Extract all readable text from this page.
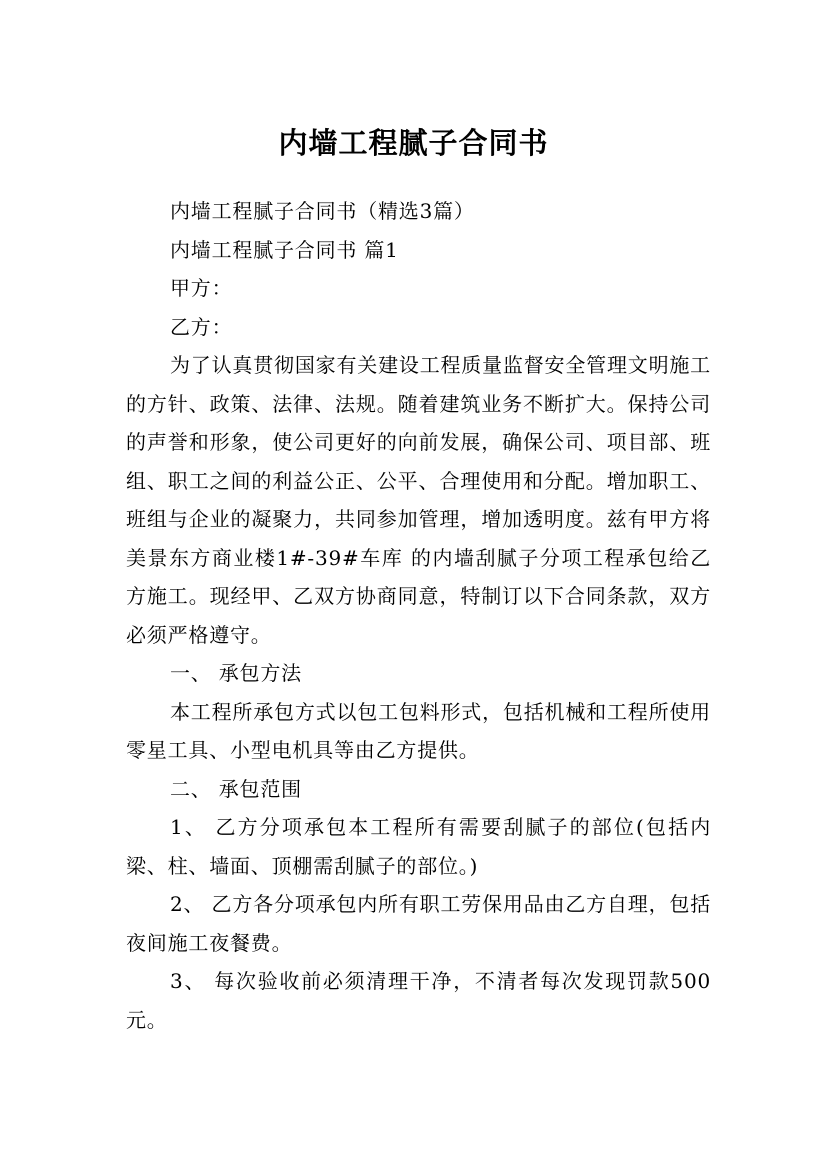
内墙工程腻子合同书

内墙工程腻子合同书（精选3篇）

内墙工程腻子合同书 篇1

甲方：

乙方：

为了认真贯彻国家有关建设工程质量监督安全管理文明施工的方针、政策、法律、法规。随着建筑业务不断扩大。保持公司的声誉和形象，使公司更好的向前发展，确保公司、项目部、班组、职工之间的利益公正、公平、合理使用和分配。增加职工、班组与企业的凝聚力，共同参加管理，增加透明度。兹有甲方将 美景东方商业楼1#-39#车库 的内墙刮腻子分项工程承包给乙方施工。现经甲、乙双方协商同意，特制订以下合同条款，双方必须严格遵守。

一、 承包方法

本工程所承包方式以包工包料形式，包括机械和工程所使用零星工具、小型电机具等由乙方提供。

二、 承包范围

1、 乙方分项承包本工程所有需要刮腻子的部位(包括内梁、柱、墙面、顶棚需刮腻子的部位。)

2、 乙方各分项承包内所有职工劳保用品由乙方自理，包括夜间施工夜餐费。

3、 每次验收前必须清理干净，不清者每次发现罚款500元。
